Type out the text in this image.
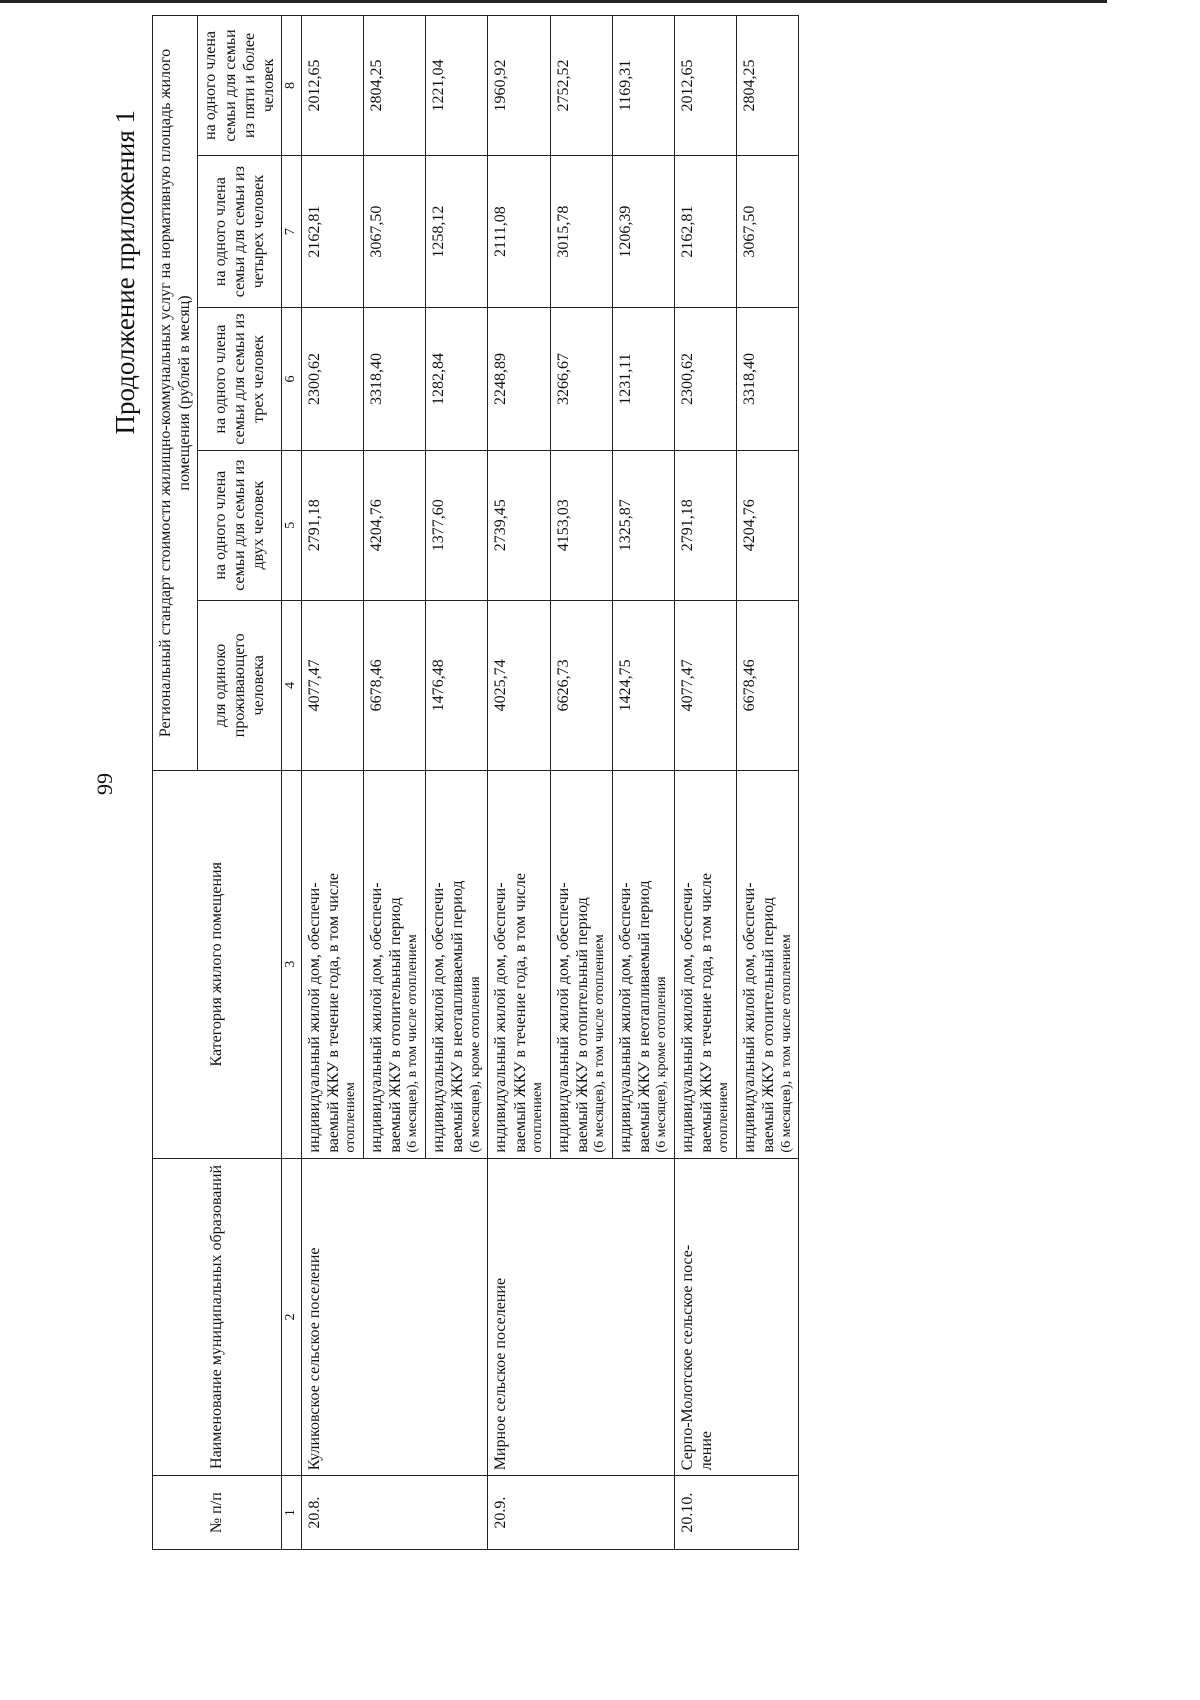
99
Продолжение приложения 1
№ п/п	Наименование муниципальных образований	Категория жилого помещения	Региональный стандарт стоимости жилищно-коммунальных услуг на нормативную площадь жилого помещения (рублей в месяц)				
			для одиноко проживающего человека	на одного члена семьи для семьи из двух человек	на одного члена семьи для семьи из трех человек	на одного члена семьи для семьи из четырех человек	на одного члена семьи для семьи из пяти и более человек
1	2	3	4	5	6	7	8
20.8.	Куликовское сельское поселение	индивидуальный жилой дом, обеспечи- ваемый ЖКУ в течение года, в том числе отоплением	4077,47	2791,18	2300,62	2162,81	2012,65

		индивидуальный жилой дом, обеспечи- ваемый ЖКУ в отопительный период (6 месяцев), в том числе отоплением	6678,46	4204,76	3318,40	3067,50	2804,25

		индивидуальный жилой дом, обеспечи- ваемый ЖКУ в неотапливаемый период (6 месяцев), кроме отопления	1476,48	1377,60	1282,84	1258,12	1221,04
20.9.	Мирное сельское поселение	индивидуальный жилой дом, обеспечи- ваемый ЖКУ в течение года, в том числе отоплением	4025,74	2739,45	2248,89	2111,08	1960,92

		индивидуальный жилой дом, обеспечи- ваемый ЖКУ в отопительный период (6 месяцев), в том числе отоплением	6626,73	4153,03	3266,67	3015,78	2752,52

		индивидуальный жилой дом, обеспечи- ваемый ЖКУ в неотапливаемый период (6 месяцев), кроме отопления	1424,75	1325,87	1231,11	1206,39	1169,31
20.10.	Серпо-Молотское сельское посе- ление	индивидуальный жилой дом, обеспечи- ваемый ЖКУ в течение года, в том числе отоплением	4077,47	2791,18	2300,62	2162,81	2012,65

		индивидуальный жилой дом, обеспечи- ваемый ЖКУ в отопительный период (6 месяцев), в том числе отоплением	6678,46	4204,76	3318,40	3067,50	2804,25
